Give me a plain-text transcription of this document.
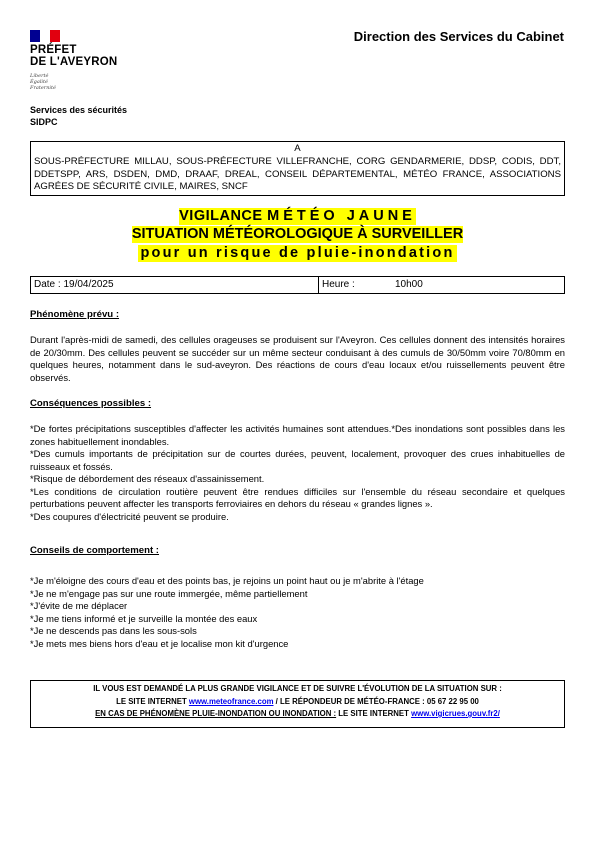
PRÉFET
DE L'AVEYRON
Liberté
Égalité
Fraternité
Direction des Services du Cabinet
Services des sécurités
SIDPC
A
SOUS-PRÉFECTURE MILLAU, SOUS-PRÉFECTURE VILLEFRANCHE, CORG GENDARMERIE, DDSP, CODIS, DDT, DDETSPP, ARS, DSDEN, DMD, DRAAF, DREAL, CONSEIL DÉPARTEMENTAL, MÉTÉO FRANCE, ASSOCIATIONS AGRÉES DE SÉCURITÉ CIVILE, MAIRES, SNCF
VIGILANCE MÉTÉO JAUNE
SITUATION MÉTÉOROLOGIQUE À SURVEILLER
pour un risque de pluie-inondation
Date : 19/04/2025	Heure :	10h00
Phénomène prévu :
Durant l'après-midi de samedi, des cellules orageuses se produisent sur l'Aveyron. Ces cellules donnent des intensités horaires de 20/30mm. Des cellules peuvent se succéder sur un même secteur conduisant à des cumuls de 30/50mm voire 70/80mm en quelques heures, notamment dans le sud-aveyron. Des réactions de cours d'eau locaux et/ou ruissellements peuvent être observés.
Conséquences possibles :
*De fortes précipitations susceptibles d'affecter les activités humaines sont attendues.*Des inondations sont possibles dans les zones habituellement inondables.
*Des cumuls importants de précipitation sur de courtes durées, peuvent, localement, provoquer des crues inhabituelles de ruisseaux et fossés.
*Risque de débordement des réseaux d'assainissement.
*Les conditions de circulation routière peuvent être rendues difficiles sur l'ensemble du réseau secondaire et quelques perturbations peuvent affecter les transports ferroviaires en dehors du réseau « grandes lignes ».
*Des coupures d'électricité peuvent se produire.
Conseils de comportement :
*Je m'éloigne des cours d'eau et des points bas, je rejoins un point haut ou je m'abrite à l'étage
*Je ne m'engage pas sur une route immergée, même partiellement
*J'évite de me déplacer
*Je me tiens informé et je surveille la montée des eaux
*Je ne descends pas dans les sous-sols
*Je mets mes biens hors d'eau et je localise mon kit d'urgence
IL VOUS EST DEMANDÉ LA PLUS GRANDE VIGILANCE ET DE SUIVRE L'ÉVOLUTION DE LA SITUATION SUR :
LE SITE INTERNET www.meteofrance.com / LE RÉPONDEUR DE MÉTÉO-FRANCE : 05 67 22 95 00
EN CAS DE PHÉNOMÈNE PLUIE-INONDATION OU INONDATION : LE SITE INTERNET www.vigicrues.gouv.fr2/
